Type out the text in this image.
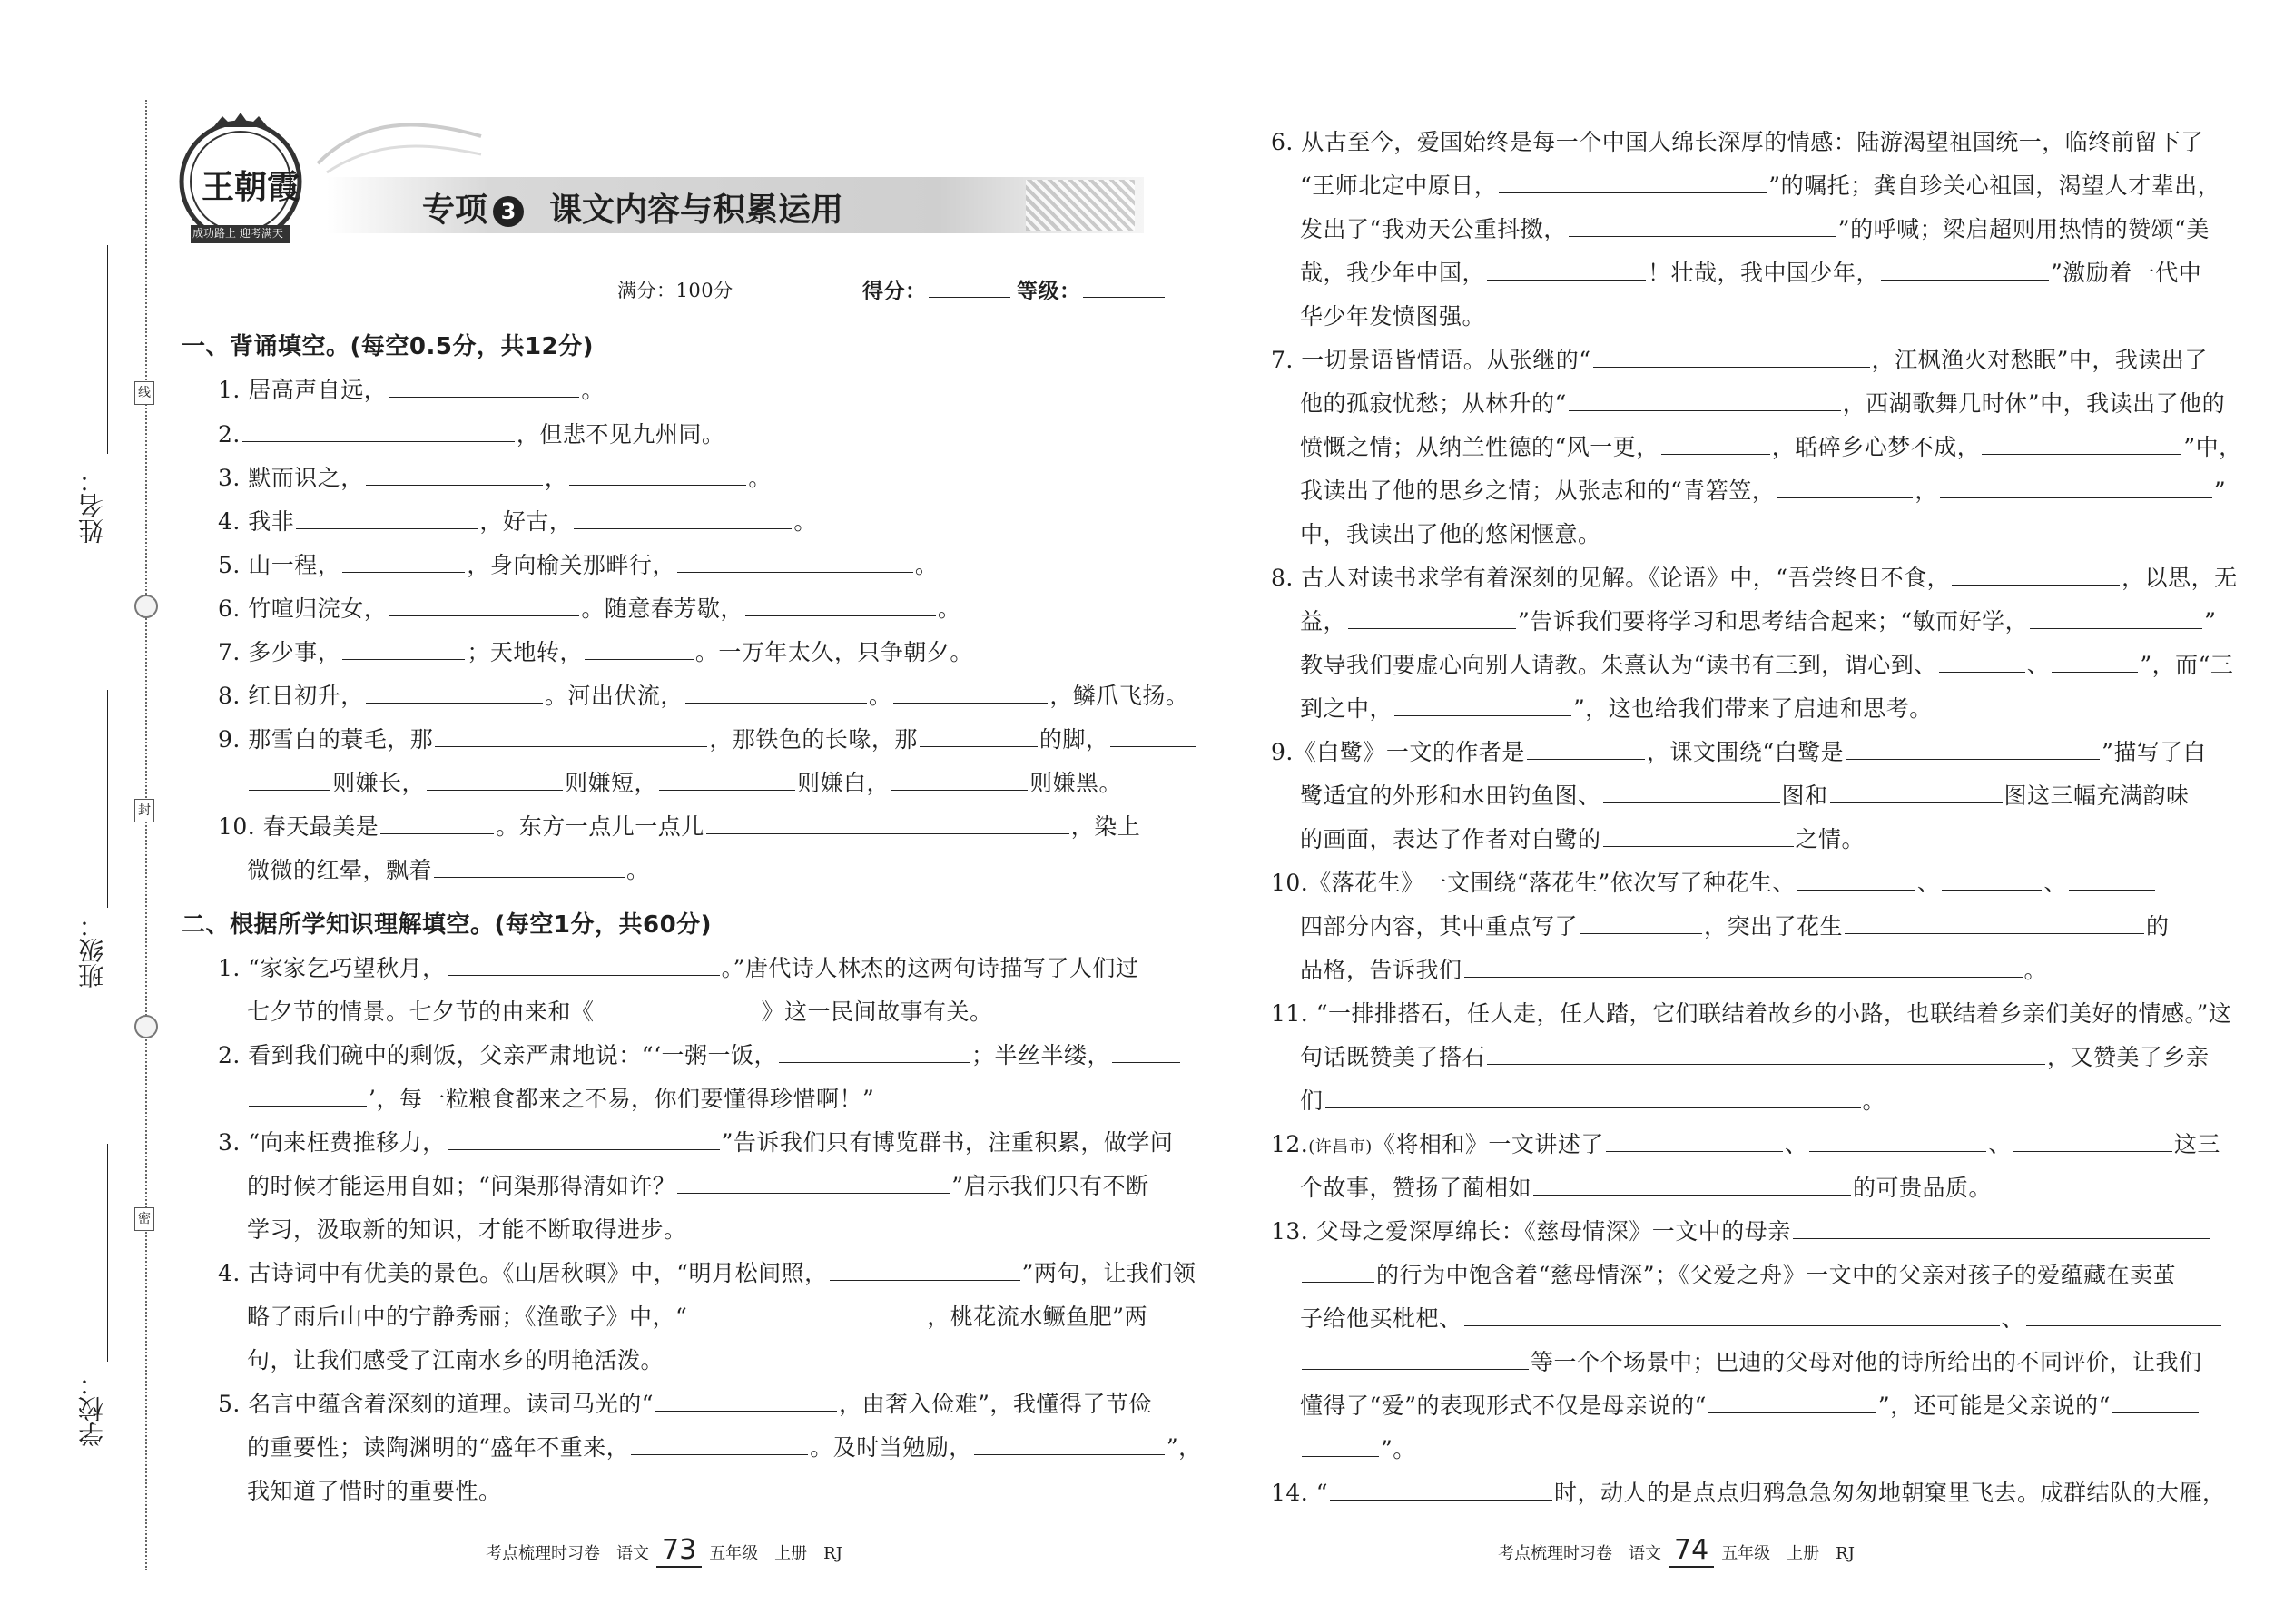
姓名：
班级：
学校：
线
封
密
王朝霞
成功路上 迎考满天
专项 3 课文内容与积累运用
满分：100分	得分：	等级：
一、背诵填空。(每空0.5分，共12分)
1. 居高声自远，	。
2.	，但悲不见九州同。
3. 默而识之，	，	。
4. 我非	，好古，	。
5. 山一程，	，身向榆关那畔行，	。
6. 竹喧归浣女，	。随意春芳歇，	。
7. 多少事，	；天地转，	。一万年太久，只争朝夕。
8. 红日初升，	。河出伏流，	。	，鳞爪飞扬。
9. 那雪白的蓑毛，那	，那铁色的长喙，那	的脚，
则嫌长，	则嫌短，	则嫌白，	则嫌黑。
10. 春天最美是	。东方一点儿一点儿	，染上
微微的红晕，飘着	。
二、根据所学知识理解填空。(每空1分，共60分)
1. “家家乞巧望秋月，	。”唐代诗人林杰的这两句诗描写了人们过
七夕节的情景。七夕节的由来和《	》这一民间故事有关。
2. 看到我们碗中的剩饭，父亲严肃地说：“‘一粥一饭，	；半丝半缕，
’，每一粒粮食都来之不易，你们要懂得珍惜啊！”
3. “向来枉费推移力，	”告诉我们只有博览群书，注重积累，做学问
的时候才能运用自如；“问渠那得清如许？	”启示我们只有不断
学习，汲取新的知识，才能不断取得进步。
4. 古诗词中有优美的景色。《山居秋暝》中，“明月松间照，	”两句，让我们领
略了雨后山中的宁静秀丽；《渔歌子》中，“	，桃花流水鳜鱼肥”两
句，让我们感受了江南水乡的明艳活泼。
5. 名言中蕴含着深刻的道理。读司马光的“	，由奢入俭难”，我懂得了节俭
的重要性；读陶渊明的“盛年不重来，	。及时当勉励，	”，
我知道了惜时的重要性。
考点梳理时习卷　语文 73 五年级　上册　RJ
6. 从古至今，爱国始终是每一个中国人绵长深厚的情感：陆游渴望祖国统一，临终前留下了
“王师北定中原日，	”的嘱托；龚自珍关心祖国，渴望人才辈出，
发出了“我劝天公重抖擞，	”的呼喊；梁启超则用热情的赞颂“美
哉，我少年中国，	！壮哉，我中国少年，	”激励着一代中
华少年发愤图强。
7. 一切景语皆情语。从张继的“	，江枫渔火对愁眠”中，我读出了
他的孤寂忧愁；从林升的“	，西湖歌舞几时休”中，我读出了他的
愤慨之情；从纳兰性德的“风一更，	，聒碎乡心梦不成，	”中，
我读出了他的思乡之情；从张志和的“青箬笠，	，	”
中，我读出了他的悠闲惬意。
8. 古人对读书求学有着深刻的见解。《论语》中，“吾尝终日不食，	，以思，无
益，	”告诉我们要将学习和思考结合起来；“敏而好学，	”
教导我们要虚心向别人请教。朱熹认为“读书有三到，谓心到、	、	”，而“三
到之中，	”，这也给我们带来了启迪和思考。
9.《白鹭》一文的作者是	，课文围绕“白鹭是	”描写了白
鹭适宜的外形和水田钓鱼图、	图和	图这三幅充满韵味
的画面，表达了作者对白鹭的	之情。
10.《落花生》一文围绕“落花生”依次写了种花生、	、	、
四部分内容，其中重点写了	，突出了花生	的
品格，告诉我们	。
11. “一排排搭石，任人走，任人踏，它们联结着故乡的小路，也联结着乡亲们美好的情感。”这
句话既赞美了搭石	，又赞美了乡亲
们	。
12.(许昌市)《将相和》一文讲述了	、	、	这三
个故事，赞扬了蔺相如	的可贵品质。
13. 父母之爱深厚绵长：《慈母情深》一文中的母亲
的行为中饱含着“慈母情深”；《父爱之舟》一文中的父亲对孩子的爱蕴藏在卖茧
子给他买枇杷、	、
等一个个场景中；巴迪的父母对他的诗所给出的不同评价，让我们
懂得了“爱”的表现形式不仅是母亲说的“	”，还可能是父亲说的“
”。
14. “	时，动人的是点点归鸦急急匆匆地朝窠里飞去。成群结队的大雁，
考点梳理时习卷　语文 74 五年级　上册　RJ
